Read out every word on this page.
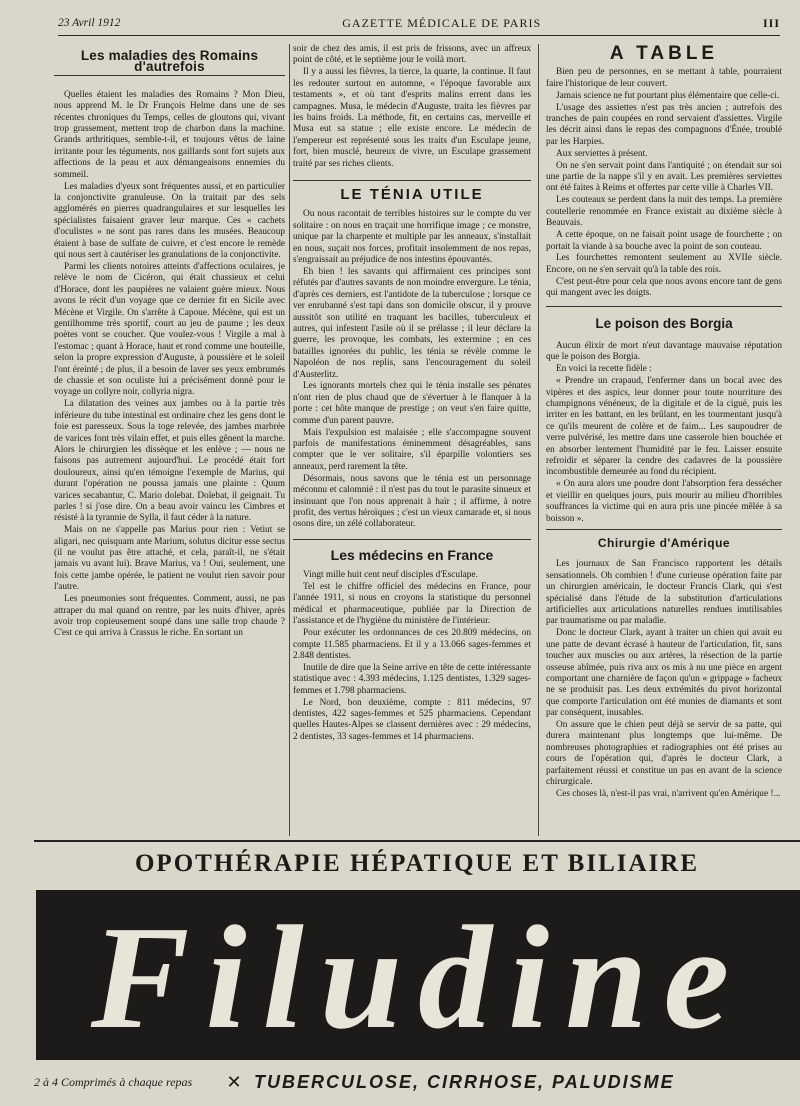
23 Avril 1912	GAZETTE MÉDICALE DE PARIS	III
Les maladies des Romains d'autrefois

Quelles étaient les maladies des Romains ? Mon Dieu, nous apprend M. le Dr François Helme dans une de ses récentes chroniques du Temps, celles de gloutons qui, vivant trop grassement, mettent trop de charbon dans la machine. Grands arthritiques, semble-t-il, et toujours vêtus de laine irritante pour les téguments, nos gaillards sont fort sujets aux affections de la peau et aux démangeaisons ennemies du sommeil.

Les maladies d'yeux sont fréquentes aussi, et en particulier la conjonctivite granuleuse. On la traitait par des sels agglomérés en pierres quadrangulaires et sur lesquelles les spécialistes faisaient graver leur marque. Ces « cachets d'oculistes » ne sont pas rares dans les musées. Beaucoup étaient à base de sulfate de cuivre, et c'est encore le remède qui nous sert à cautériser les granulations de la conjonctivite.

Parmi les clients notoires atteints d'affections oculaires, je relève le nom de Cicéron, qui était chassieux et celui d'Horace, dont les paupières ne valaient guère mieux. Nous avons le récit d'un voyage que ce dernier fit en Sicile avec Mécène et Virgile. On s'arrête à Capoue. Mécène, qui est un gentilhomme très sportif, court au jeu de paume ; les deux poètes vont se coucher. Que voulez-vous ! Virgile a mal à l'estomac ; quant à Horace, haut et rond comme une bouteille, selon la propre expression d'Auguste, à poussière et le soleil l'ont éreinté ; de plus, il a besoin de laver ses yeux embrumés de chassie et son oculiste lui a précisément donné pour le voyage un collyre noir, collyria nigra.

La dilatation des veines aux jambes ou à la partie très inférieure du tube intestinal est ordinaire chez les gens dont le foie est paresseux. Sous la toge relevée, des jambes marbrée de varices font très vilain effet, et puis elles gênent la marche. Alors le chirurgien les dissèque et les enlève ; — nous ne faisons pas autrement aujourd'hui. Le procédé était fort douloureux, ainsi qu'en témoigne l'exemple de Marius, qui durant l'opération ne poussa jamais une plainte : Quum varices secabantur, C. Mario dolebat. Dolebat, il geignait. Tu parles ! si j'ose dire. On a beau avoir vaincu les Cimbres et résisté à la tyrannie de Sylla, il faut céder à la nature.

Mais on ne s'appelle pas Marius pour rien : Vetiut se aligari, nec quisquam ante Marium, solutus dicitur esse sectus (il ne voulut pas être attaché, et cela, paraît-il, ne s'était jamais vu avant lui). Brave Marius, va ! Oui, seulement, une fois cette jambe opérée, le patient ne voulut rien savoir pour l'autre.

Les pneumonies sont fréquentes. Comment, aussi, ne pas attraper du mal quand on rentre, par les nuits d'hiver, après avoir trop copieusement soupé dans une salle trop chaude ? C'est ce qui arriva à Crassus le riche. En sortant un

soir de chez des amis, il est pris de frissons, avec un affreux point de côté, et le septième jour le voilà mort.

Il y a aussi les fièvres, la tierce, la quarte, la continue. Il faut les redouter surtout en automne, « l'époque favorable aux testaments », et où tant d'esprits malins errent dans les campagnes. Musa, le médecin d'Auguste, traita les fièvres par les bains froids. La méthode, fit, en certains cas, merveille et Musa eut sa statue ; elle existe encore. Le médecin de l'empereur est représenté sous les traits d'un Esculape jeune, fort, bien musclé, heureux de vivre, un Esculape grassement traité par ses riches clients.

LE TÉNIA UTILE

Ou nous racontait de terribles histoires sur le compte du ver solitaire : on nous en traçait une horrifique image ; ce monstre, unique par la charpente et multiple par les anneaux, s'installait en nous, suçait nos forces, profitait insolemment de nos repas, s'engraissait au préjudice de nos intestins épouvantés.

Eh bien ! les savants qui affirmaient ces principes sont réfutés par d'autres savants de non moindre envergure. Le ténia, d'après ces derniers, est l'antidote de la tuberculose ; lorsque ce ver enrubanné s'est tapi dans son domicile obscur, il y prouve aussitôt son utilité en traquant les bacilles, tuberculeux et autres, qui infestent l'asile où il se prélasse ; il leur déclare la guerre, les provoque, les combats, les extermine ; en ces batailles ignorées du public, les ténia se révèle comme le Napoléon de nos replis, sans l'encouragement du soleil d'Austerlitz.

Les ignorants mortels chez qui le ténia installe ses pénates n'ont rien de plus chaud que de s'évertuer à le flanquer à la porte : cet hôte manque de prestige ; on veut s'en faire quitte, comme d'un parent pauvre.

Mais l'expulsion est malaisée ; elle s'accompagne souvent parfois de manifestations éminemment désagréables, sans compter que le ver solitaire, s'il éparpille volontiers ses anneaux, perd rarement la tête.

Désormais, nous savons que le ténia est un personnage méconnu et calomnié : il n'est pas du tout le parasite sinueux et insinuant que l'on nous apprenait à haïr ; il affirme, à notre profit, des vertus héroïques ; c'est un vieux camarade et, si nous osons dire, un zélé collaborateur.

Les médecins en France

Vingt mille huit cent neuf disciples d'Esculape.

Tel est le chiffre officiel des médecins en France, pour l'année 1911, si nous en croyons la statistique du personnel médical et pharmaceutique, publiée par la Direction de l'assistance et de l'hygiène du ministère de l'intérieur.

Pour exécuter les ordonnances de ces 20.809 médecins, on compte 11.585 pharmaciens. Et il y a 13.066 sages-femmes et 2.848 dentistes.

Inutile de dire que la Seine arrive en tête de cette intéressante statistique avec : 4.393 médecins, 1.125 dentistes, 1.329 sages-femmes et 1.798 pharmaciens.

Le Nord, bon deuxième, compte : 811 médecins, 97 dentistes, 422 sages-femmes et 525 pharmaciens. Cependant quelles Hautes-Alpes se classent dernières avec : 29 médecins, 2 dentistes, 33 sages-femmes et 14 pharmaciens.

A TABLE

Bien peu de personnes, en se mettant à table, pourraient faire l'historique de leur couvert.

Jamais science ne fut pourtant plus élémentaire que celle-ci.

L'usage des assiettes n'est pas très ancien ; autrefois des tranches de pain coupées en rond servaient d'assiettes. Virgile les décrit ainsi dans le repas des compagnons d'Énée, troublé par les Harpies.

Aux serviettes à présent.

On ne s'en servait point dans l'antiquité ; on étendait sur soi une partie de la nappe s'il y en avait. Les premières serviettes ont été faites à Reims et offertes par cette ville à Charles VII.

Les couteaux se perdent dans la nuit des temps. La première coutellerie renommée en France existait au dixième siècle à Beauvais.

A cette époque, on ne faisait point usage de fourchette ; on portait la viande à sa bouche avec la point de son couteau.

Les fourchettes remontent seulement au XVIIe siècle. Encore, on ne s'en servait qu'à la table des rois.

C'est peut-être pour cela que nous avons encore tant de gens qui mangent avec les doigts.

Le poison des Borgia

Aucun élixir de mort n'eut davantage mauvaise réputation que le poison des Borgia.

En voici la recette fidèle :

« Prendre un crapaud, l'enfermer dans un bocal avec des vipères et des aspics, leur donner pour toute nourriture des champignons vénéneux, de la digitale et de la ciguë, puis les irriter en les battant, en les brûlant, en les tourmentant jusqu'à ce qu'ils meurent de colère et de faim... Les saupoudrer de verre pulvérisé, les mettre dans une casserole bien bouchée et en absorber lentement l'humidité par le feu. Laisser ensuite refroidir et séparer la cendre des cadavres de la poussière incombustible demeurée au fond du récipient.

« On aura alors une poudre dont l'absorption fera dessécher et vieillir en quelques jours, puis mourir au milieu d'horribles souffrances la victime qui en aura pris une pincée mêlée à sa boisson ».

Chirurgie d'Amérique

Les journaux de San Francisco rapportent les détails sensationnels. Oh combien ! d'une curieuse opération faite par un chirurgien américain, le docteur Francis Clark, qui s'est spécialisé dans l'étude de la substitution d'articulations artificielles aux articulations naturelles rendues inutilisables par traumatisme ou par maladie.

Donc le docteur Clark, ayant à traiter un chien qui avait eu une patte de devant écrasé à hauteur de l'articulation, fit, sans toucher aux muscles ou aux artères, la résection de la partie osseuse abîmée, puis riva aux os mis à nu une pièce en argent comportant une charnière de façon qu'un « grippage » facheux ne se produisit pas. Les deux extrémités du pivot horizontal que comporte l'articulation ont été munies de diamants et sont par conséquent, inusables.

On assure que le chien peut déjà se servir de sa patte, qui durera maintenant plus longtemps que lui-même. De nombreuses photographies et radiographies ont été prises au cours de l'opération qui, d'après le docteur Clark, a parfaitement réussi et constitue un pas en avant de la science chirurgicale.

Ces choses là, n'est-il pas vrai, n'arrivent qu'en Amérique !...

OPOTHÉRAPIE HÉPATIQUE ET BILIAIRE
Filudine
2 à 4 Comprimés à chaque repas	✕ TUBERCULOSE, CIRRHOSE, PALUDISME
